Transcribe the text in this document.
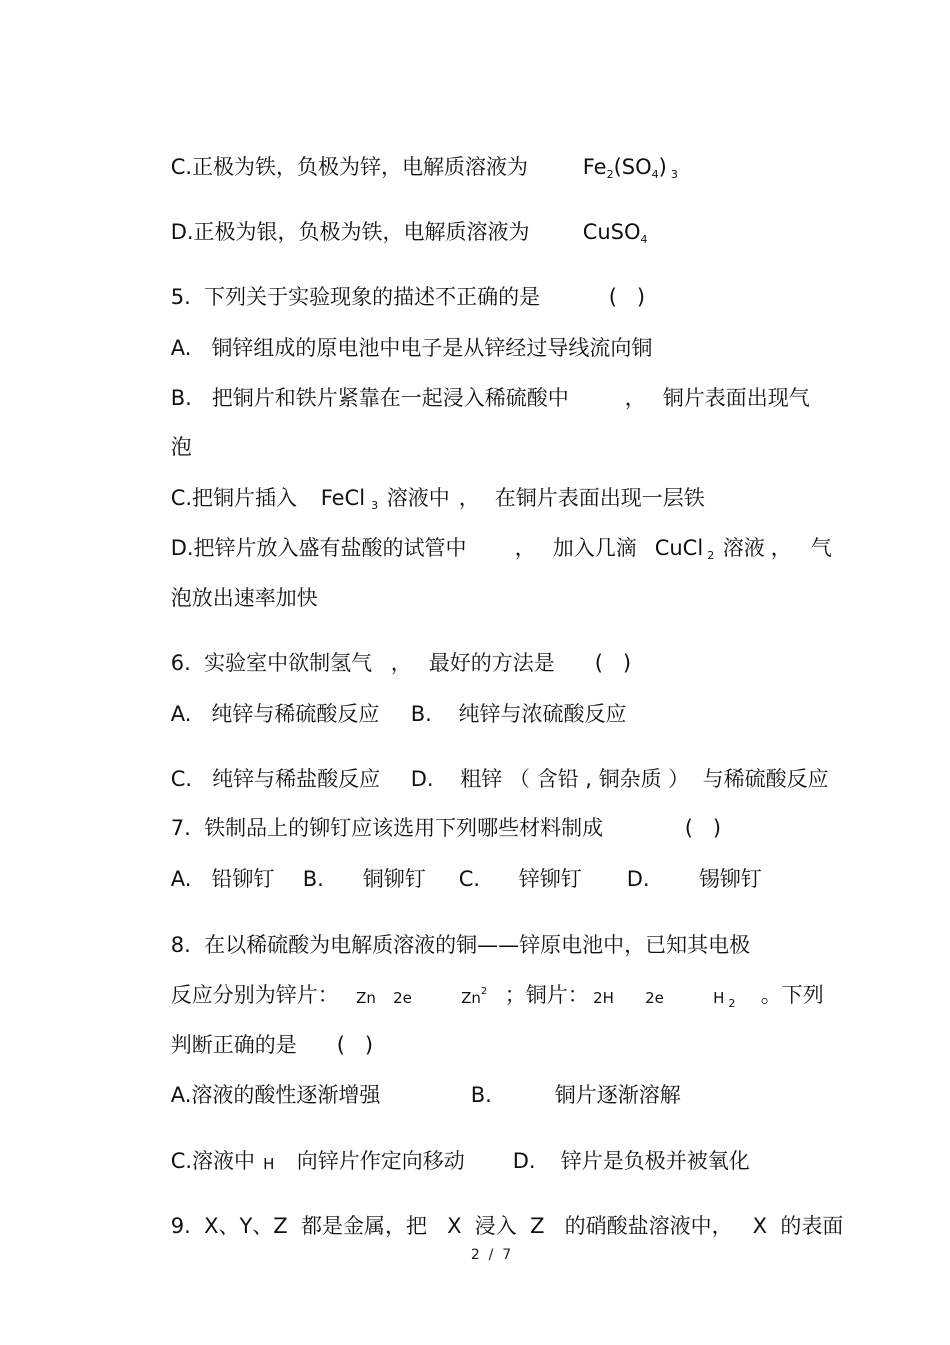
C.正极为铁，负极为锌，电解质溶液为
	$Fe_2(SO_4)$ $_3$

D.正极为银，负极为铁，电解质溶液为
	CuSO$_4$

5.  下列关于实验现象的描述不正确的是
	(   )

A.   铜锌组成的原电池中电子是从锌经过导线流向铜

B.   把铜片和铁片紧靠在一起浸入稀硫酸中
	，
铜片表面出现气

泡

C.把铜片插入
	FeCl $_3$
溶液中
，
在铜片表面出现一层铁

D.把锌片放入盛有盐酸的试管中
	，
加入几滴
CuCl $_2$
溶液
，
气

泡放出速率加快

6.  实验室中欲制氢气
，
最好的方法是
	(   )

A.   纯锌与稀硫酸反应
	B.    纯锌与浓硫酸反应

C.   纯锌与稀盐酸反应
	D.    粗锌 （ 含铅 , 铜杂质 ）  与稀硫酸反应

7.  铁制品上的铆钉应该选用下列哪些材料制成
	(   )

A.   铅铆钉
	B.
	铜铆钉
	C.
	锌铆钉
	D.
	锡铆钉

8.  在以稀硫酸为电解质溶液的铜——锌原电池中，已知其电极

反应分别为锌片：
	Zn
	2e
	Zn$^2$
；铜片：
2H
	2e
	H $_2$
	。下列

判断正确的是
	(   )

A.溶液的酸性逐渐增强
	B.
	铜片逐渐溶解

C.溶液中
H
	向锌片作定向移动
	D.
	锌片是负极并被氧化

9.  X、Y、Z  都是金属，把   X  浸入  Z   的硝酸盐溶液中，   X  的表面

2  /  7
